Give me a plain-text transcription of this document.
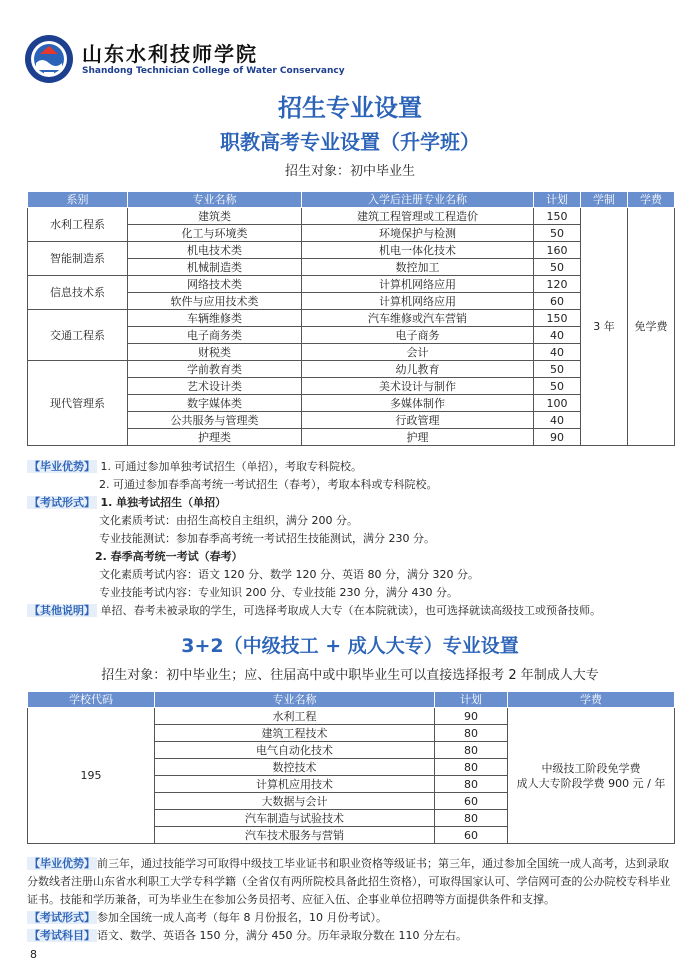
山东水利技师学院
Shandong Technician College of Water Conservancy
招生专业设置
职教高考专业设置（升学班）
招生对象：初中毕业生
系别	专业名称	入学后注册专业名称	计划	学制	学费
水利工程系	建筑类	建筑工程管理或工程造价	150	3 年	免学费
	化工与环境类	环境保护与检测	50		
智能制造系	机电技术类	机电一体化技术	160		
	机械制造类	数控加工	50		
信息技术系	网络技术类	计算机网络应用	120		
	软件与应用技术类	计算机网络应用	60		
交通工程系	车辆维修类	汽车维修或汽车营销	150		
	电子商务类	电子商务	40		
	财税类	会计	40		
现代管理系	学前教育类	幼儿教育	50		
	艺术设计类	美术设计与制作	50		
	数字媒体类	多媒体制作	100		
	公共服务与管理类	行政管理	40		
	护理类	护理	90		
【毕业优势】 1. 可通过参加单独考试招生（单招），考取专科院校。
2. 可通过参加春季高考统一考试招生（春考），考取本科或专科院校。
【考试形式】 1. 单独考试招生（单招）
文化素质考试：由招生高校自主组织，满分 200 分。
专业技能测试：参加春季高考统一考试招生技能测试，满分 230 分。
2. 春季高考统一考试（春考）
文化素质考试内容：语文 120 分、数学 120 分、英语 80 分，满分 320 分。
专业技能考试内容：专业知识 200 分、专业技能 230 分，满分 430 分。
【其他说明】 单招、春考未被录取的学生，可选择考取成人大专（在本院就读），也可选择就读高级技工或预备技师。
3+2（中级技工 + 成人大专）专业设置
招生对象：初中毕业生；应、往届高中或中职毕业生可以直接选择报考 2 年制成人大专
学校代码	专业名称	计划	学费
195	水利工程	90	中级技工阶段免学费
成人大专阶段学费 900 元 / 年

	建筑工程技术	80	
	电气自动化技术	80	
	数控技术	80	
	计算机应用技术	80	
	大数据与会计	60	
	汽车制造与试验技术	80	
	汽车技术服务与营销	60	
【毕业优势】 前三年，通过技能学习可取得中级技工毕业证书和职业资格等级证书；第三年，通过参加全国统一成人高考，达到录取分数线者注册山东省水利职工大学专科学籍（全省仅有两所院校具备此招生资格），可取得国家认可、学信网可查的公办院校专科毕业证书。技能和学历兼备，可为毕业生在参加公务员招考、应征入伍、企事业单位招聘等方面提供条件和支撑。
【考试形式】 参加全国统一成人高考（每年 8 月份报名，10 月份考试）。
【考试科目】 语文、数学、英语各 150 分，满分 450 分。历年录取分数在 110 分左右。
8
